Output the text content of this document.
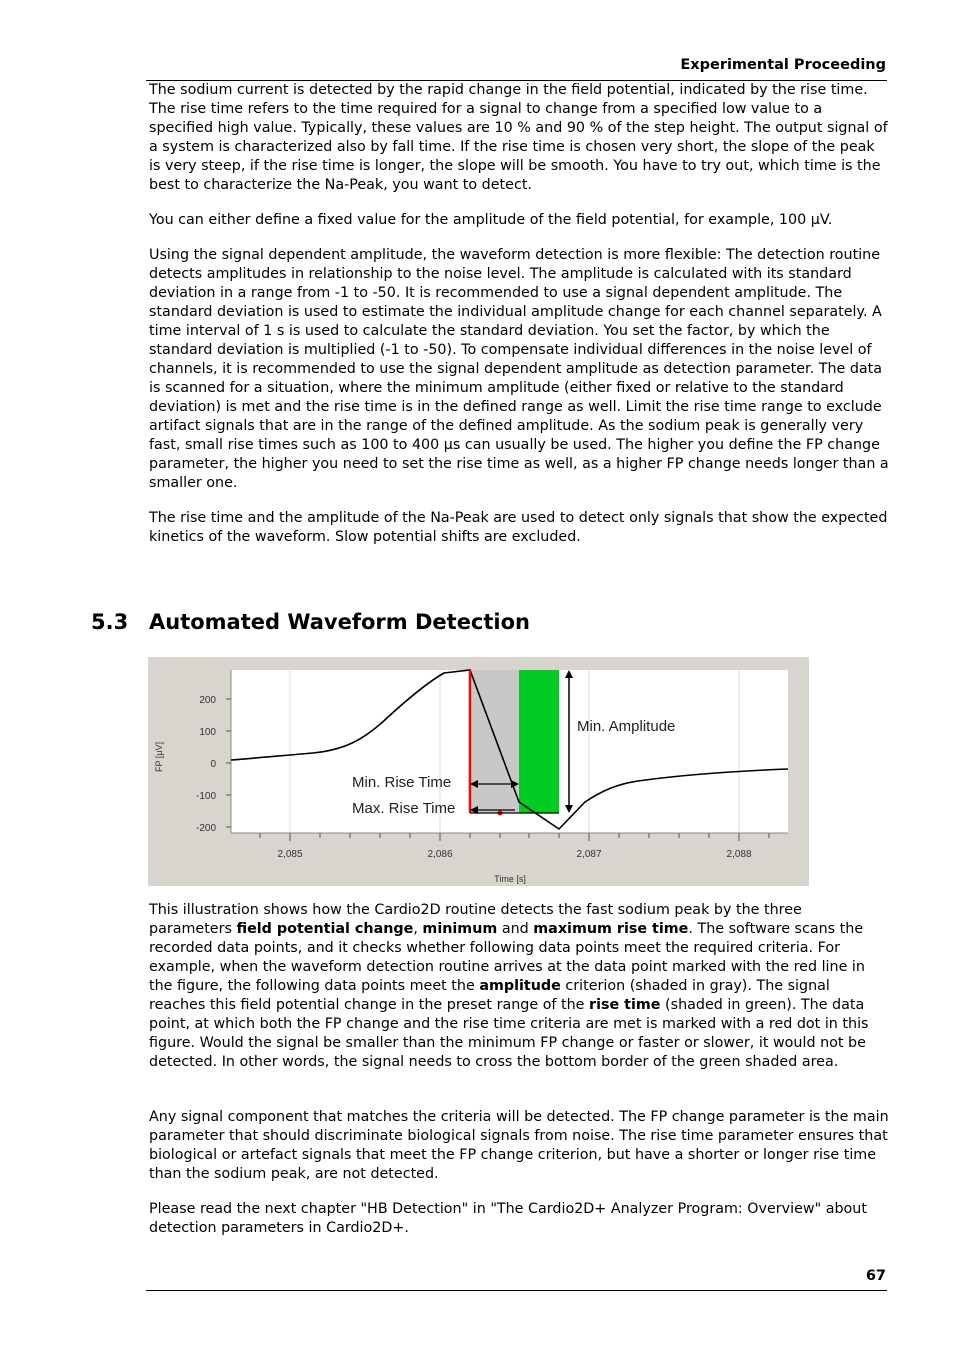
Experimental Proceeding

The sodium current is detected by the rapid change in the field potential, indicated by the rise time. The rise time refers to the time required for a signal to change from a specified low value to a specified high value. Typically, these values are 10 % and 90 % of the step height. The output signal of a system is characterized also by fall time. If the rise time is chosen very short, the slope of the peak is very steep, if the rise time is longer, the slope will be smooth. You have to try out, which time is the best to characterize the Na-Peak, you want to detect.

You can either define a fixed value for the amplitude of the field potential, for example, 100 µV.

Using the signal dependent amplitude, the waveform detection is more flexible: The detection routine detects amplitudes in relationship to the noise level. The amplitude is calculated with its standard deviation in a range from -1 to -50. It is recommended to use a signal dependent amplitude. The standard deviation is used to estimate the individual amplitude change for each channel separately. A time interval of 1 s is used to calculate the standard deviation. You set the factor, by which the standard deviation is multiplied (-1 to -50). To compensate individual differences in the noise level of channels, it is recommended to use the signal dependent amplitude as detection parameter. The data is scanned for a situation, where the minimum amplitude (either fixed or relative to the standard deviation) is met and the rise time is in the defined range as well. Limit the rise time range to exclude artifact signals that are in the range of the defined amplitude. As the sodium peak is generally very fast, small rise times such as 100 to 400 µs can usually be used. The higher you define the FP change parameter, the higher you need to set the rise time as well, as a higher FP change needs longer than a smaller one.

The rise time and the amplitude of the Na-Peak are used to detect only signals that show the expected kinetics of the waveform. Slow potential shifts are excluded.

5.3 Automated Waveform Detection
Min. Amplitude
Min. Rise Time
Max. Rise Time
200
100
0
-100
-200
FP [µV]
2,085	2,086	2,087	2,088
Time [s]

This illustration shows how the Cardio2D routine detects the fast sodium peak by the three parameters field potential change, minimum and maximum rise time. The software scans the recorded data points, and it checks whether following data points meet the required criteria. For example, when the waveform detection routine arrives at the data point marked with the red line in the figure, the following data points meet the amplitude criterion (shaded in gray). The signal reaches this field potential change in the preset range of the rise time (shaded in green). The data point, at which both the FP change and the rise time criteria are met is marked with a red dot in this figure. Would the signal be smaller than the minimum FP change or faster or slower, it would not be detected. In other words, the signal needs to cross the bottom border of the green shaded area.

Any signal component that matches the criteria will be detected. The FP change parameter is the main parameter that should discriminate biological signals from noise. The rise time parameter ensures that biological or artefact signals that meet the FP change criterion, but have a shorter or longer rise time than the sodium peak, are not detected.

Please read the next chapter "HB Detection" in "The Cardio2D+ Analyzer Program: Overview" about detection parameters in Cardio2D+.

67
